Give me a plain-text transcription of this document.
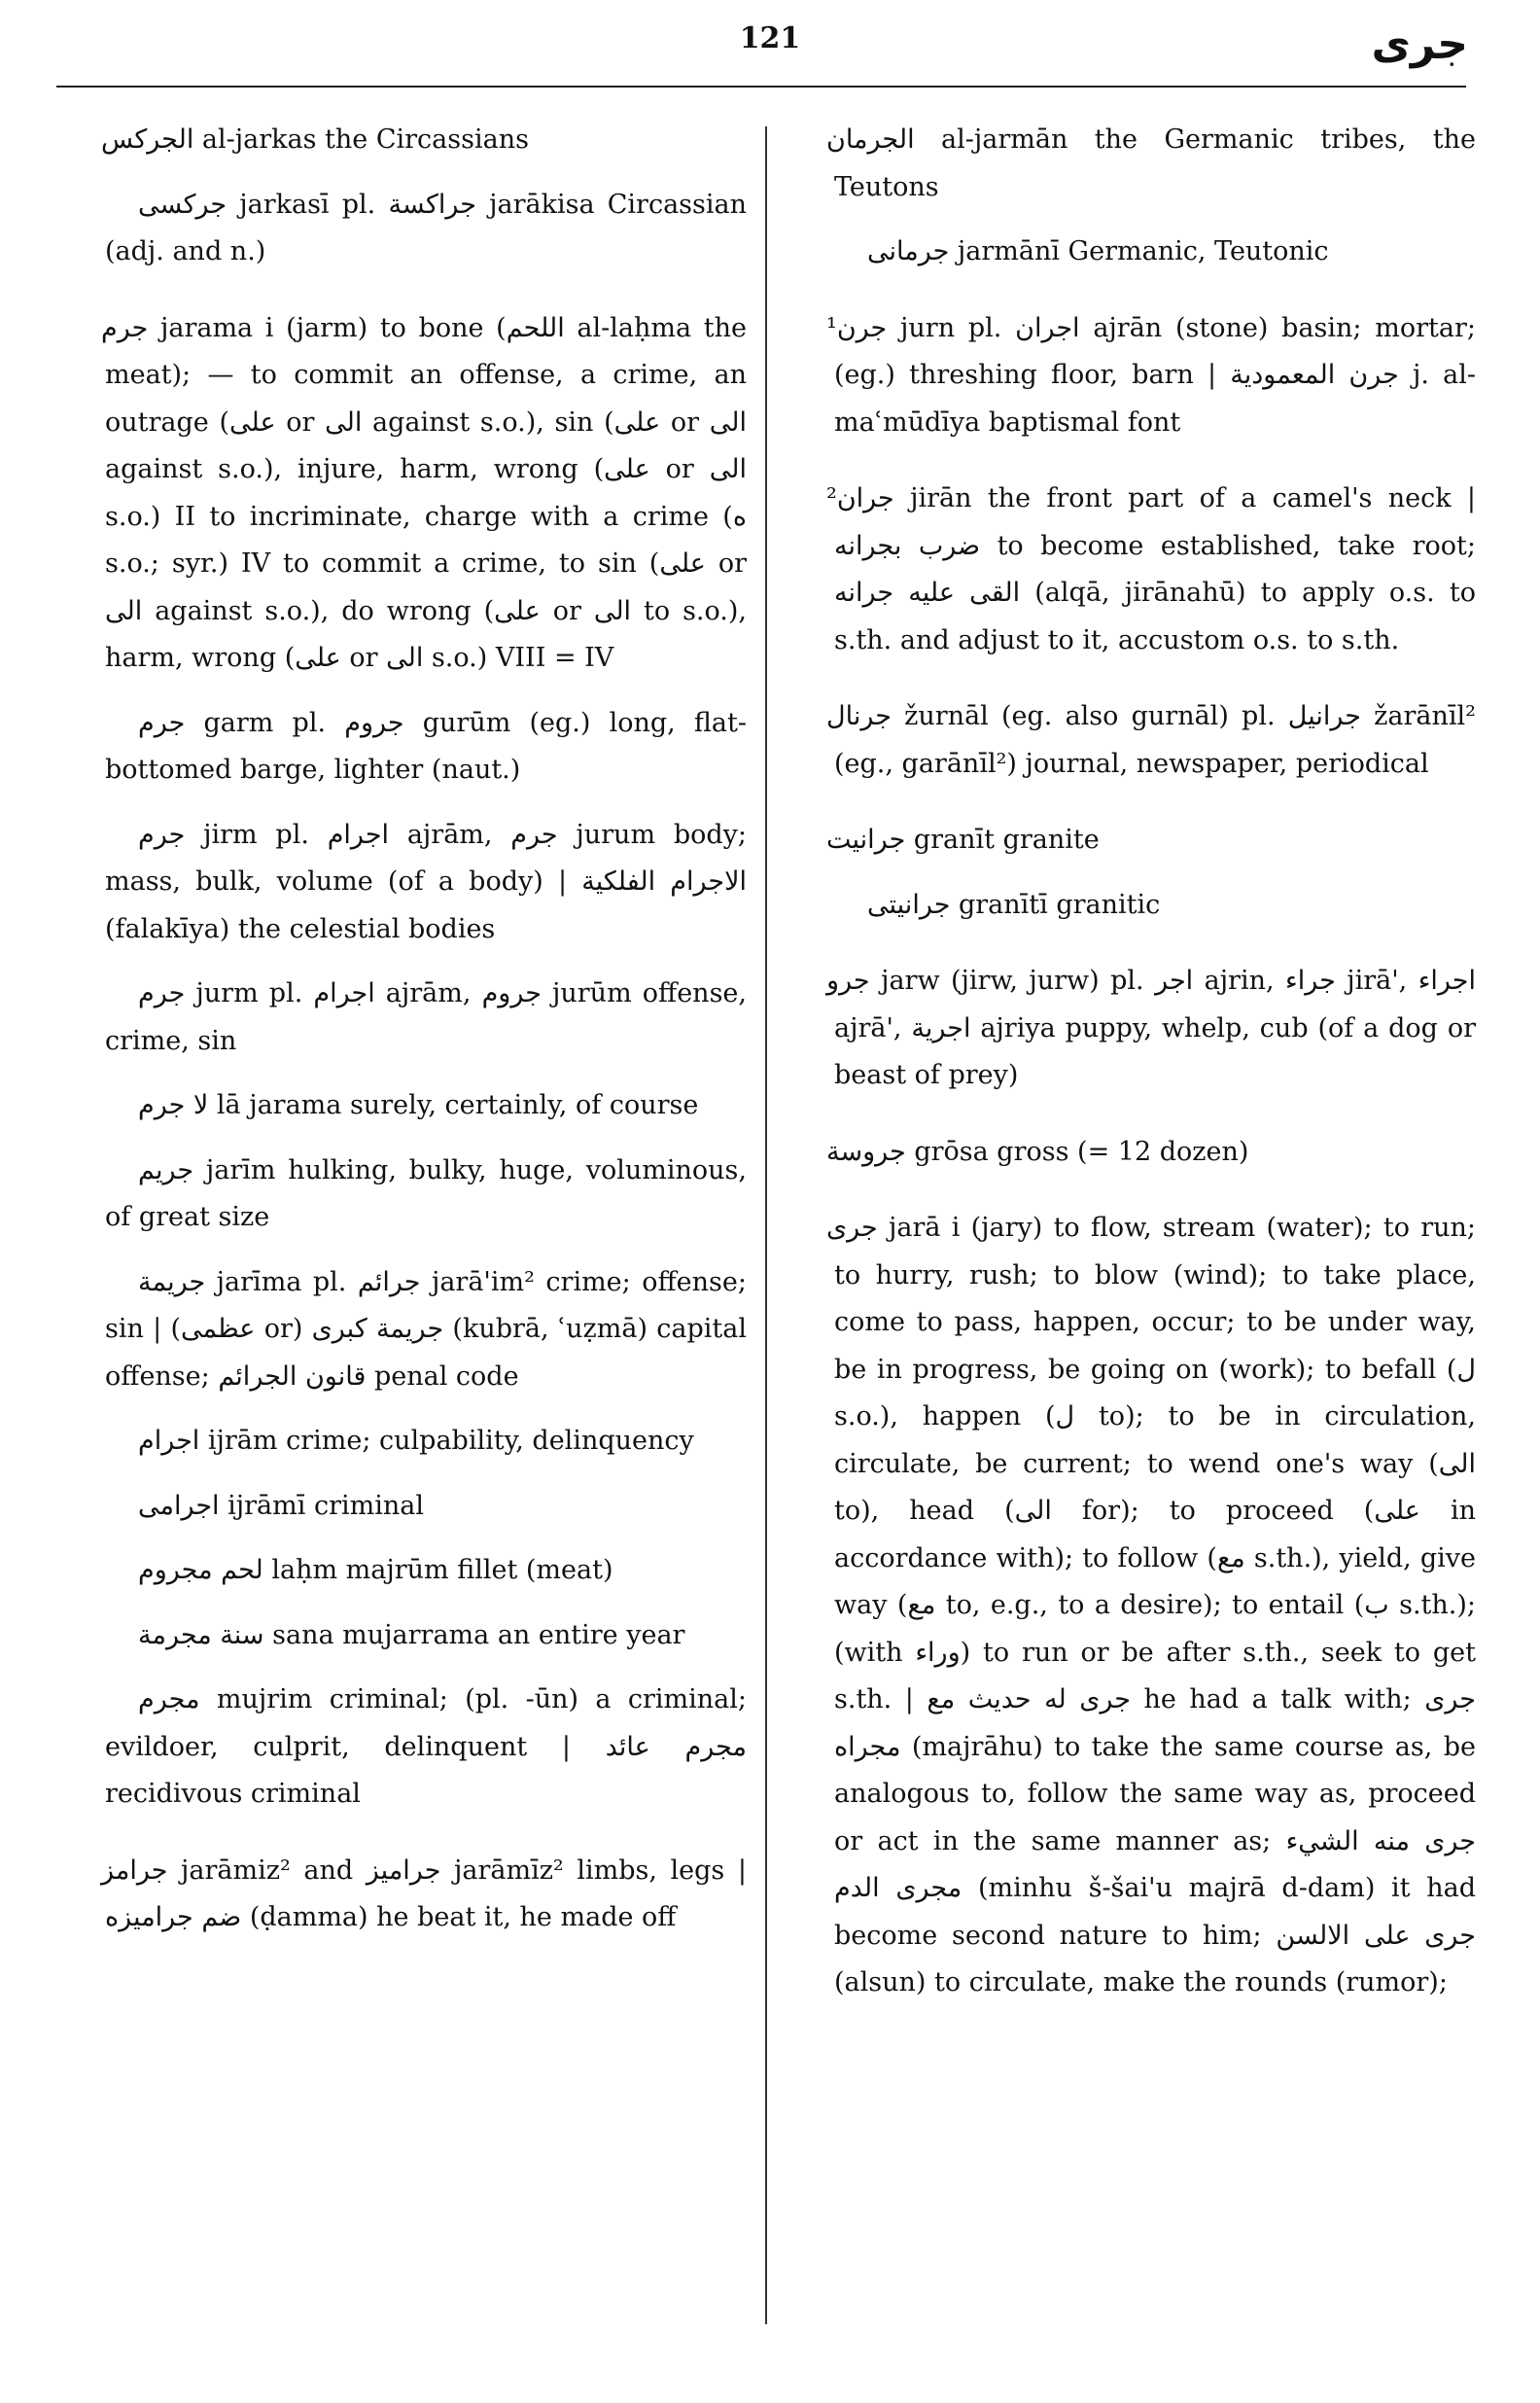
121	جرى

الجركس al-jarkas the Circassians

جركسى jarkasī pl. جراكسة jarākisa Circassian (adj. and n.)

جرم jarama i (jarm) to bone (اللحم al-laḥma the meat); — to commit an offense, a crime, an outrage (على or الى against s.o.), sin (على or الى against s.o.), injure, harm, wrong (على or الى s.o.) II to incriminate, charge with a crime (ه s.o.; syr.) IV to commit a crime, to sin (على or الى against s.o.), do wrong (على or الى to s.o.), harm, wrong (على or الى s.o.) VIII = IV

جرم garm pl. جروم gurūm (eg.) long, flat-bottomed barge, lighter (naut.)

جرم jirm pl. اجرام ajrām, جرم jurum body; mass, bulk, volume (of a body) | الاجرام الفلكية (falakīya) the celestial bodies

جرم jurm pl. اجرام ajrām, جروم jurūm offense, crime, sin

لا جرم lā jarama surely, certainly, of course

جريم jarīm hulking, bulky, huge, voluminous, of great size

جريمة jarīma pl. جرائم jarā'im² crime; offense; sin | (عظمى or) جريمة كبرى (kubrā, ʿuẓmā) capital offense; قانون الجرائم penal code

اجرام ijrām crime; culpability, delinquency

اجرامى ijrāmī criminal

لحم مجروم laḥm majrūm fillet (meat)

سنة مجرمة sana mujarrama an entire year

مجرم mujrim criminal; (pl. -ūn) a criminal; evildoer, culprit, delinquent | مجرم عائد recidivous criminal

جرامز jarāmiz² and جراميز jarāmīz² limbs, legs | ضم جراميزه (ḍamma) he beat it, he made off

الجرمان al-jarmān the Germanic tribes, the Teutons

جرمانى jarmānī Germanic, Teutonic

¹جرن jurn pl. اجران ajrān (stone) basin; mortar; (eg.) threshing floor, barn | جرن المعمودية j. al-maʿmūdīya baptismal font

²جران jirān the front part of a camel's neck | ضرب بجرانه to become established, take root; القى عليه جرانه (alqā, jirānahū) to apply o.s. to s.th. and adjust to it, accustom o.s. to s.th.

جرنال žurnāl (eg. also gurnāl) pl. جرانيل žarānīl² (eg., garānīl²) journal, newspaper, periodical

جرانيت granīt granite

جرانيتى granītī granitic

جرو jarw (jirw, jurw) pl. اجر ajrin, جراء jirā', اجراء ajrā', اجرية ajriya puppy, whelp, cub (of a dog or beast of prey)

جروسة grōsa gross (= 12 dozen)

جرى jarā i (jary) to flow, stream (water); to run; to hurry, rush; to blow (wind); to take place, come to pass, happen, occur; to be under way, be in progress, be going on (work); to befall (ل s.o.), happen (ل to); to be in circulation, circulate, be current; to wend one's way (الى to), head (الى for); to proceed (على in accordance with); to follow (مع s.th.), yield, give way (مع to, e.g., to a desire); to entail (ب s.th.); (with وراء) to run or be after s.th., seek to get s.th. | جرى له حديث مع he had a talk with; جرى مجراه (majrāhu) to take the same course as, be analogous to, follow the same way as, proceed or act in the same manner as; جرى منه الشيء مجرى الدم (minhu š-šai'u majrā d-dam) it had become second nature to him; جرى على الالسن (alsun) to circulate, make the rounds (rumor);
